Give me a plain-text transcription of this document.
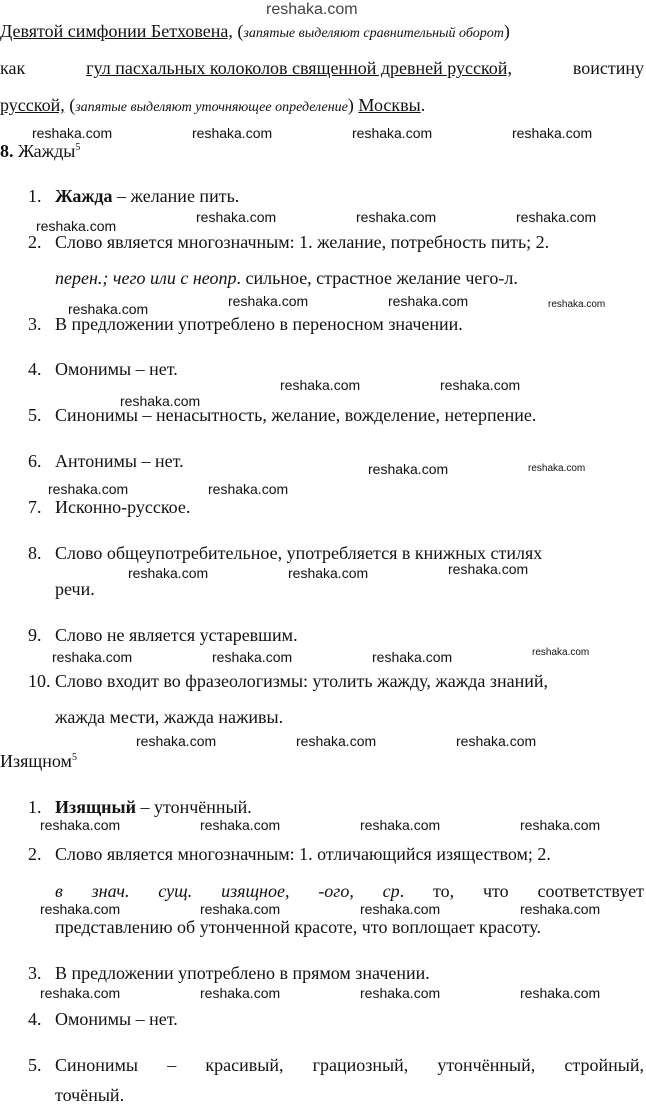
reshaka.com
Девятой симфонии Бетховена, (запятые выделяют сравнительный оборот)
как	гул пасхальных колоколов священной древней русской,	воистину
русской, (запятые выделяют уточняющее определение) Москвы.
8. Жажды$^5$
1. Жажда – желание пить.
2. Слово является многозначным: 1. желание, потребность пить; 2.
перен.; чего или с неопр. сильное, страстное желание чего-л.
3. В предложении употреблено в переносном значении.
4. Омонимы – нет.
5. Синонимы – ненасытность, желание, вожделение, нетерпение.
6. Антонимы – нет.
7. Исконно-русское.
8. Слово общеупотребительное, употребляется в книжных стилях
речи.
9. Слово не является устаревшим.
10. Слово входит во фразеологизмы: утолить жажду, жажда знаний,
жажда мести, жажда наживы.
Изящном$^5$
1. Изящный – утончённый.
2. Слово является многозначным: 1. отличающийся изяществом; 2.
в знач. сущ. изящное, -ого, ср. то, что соответствует
представлению об утонченной красоте, что воплощает красоту.
3. В предложении употреблено в прямом значении.
4. Омонимы – нет.
5. Синонимы – красивый, грациозный, утончённый, стройный,
точёный.
reshaka.com	reshaka.com	reshaka.com	reshaka.com
reshaka.com
reshaka.com	reshaka.com	reshaka.com
reshaka.com	reshaka.com	reshaka.com	reshaka.com
reshaka.com	reshaka.com
reshaka.com
reshaka.com	reshaka.com
reshaka.com	reshaka.com
reshaka.com
reshaka.com	reshaka.com
reshaka.com
reshaka.com	reshaka.com	reshaka.com
reshaka.com	reshaka.com	reshaka.com
reshaka.com	reshaka.com	reshaka.com	reshaka.com
reshaka.com	reshaka.com	reshaka.com	reshaka.com
reshaka.com	reshaka.com	reshaka.com	reshaka.com
